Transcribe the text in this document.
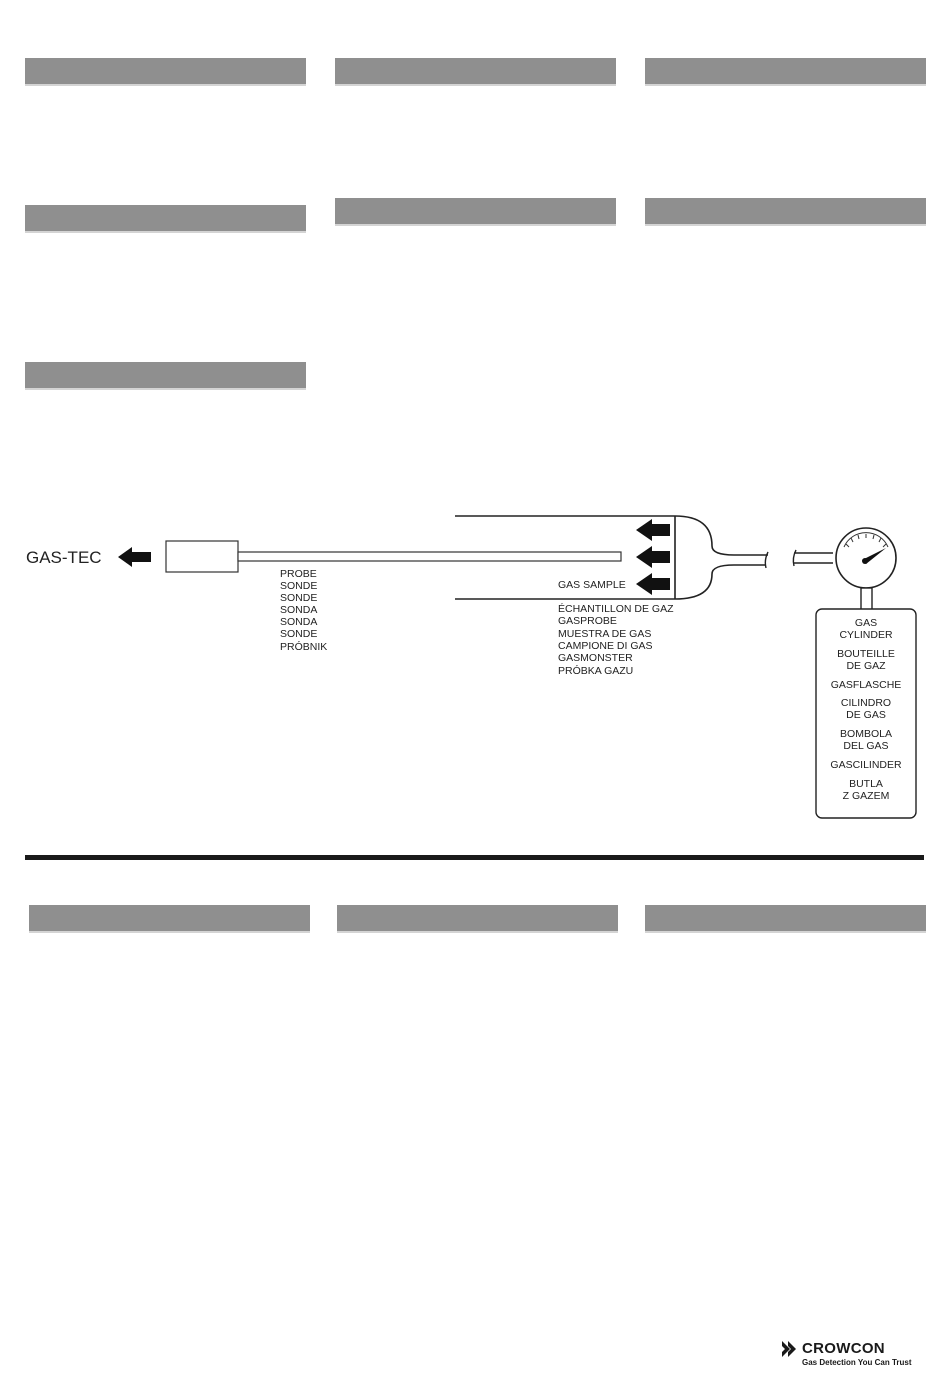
GAS-TEC
PROBE
SONDE
SONDE
SONDA
SONDA
SONDE
PRÓBNIK
GAS SAMPLE
ÉCHANTILLON DE GAZ
GASPROBE
MUESTRA DE GAS
CAMPIONE DI GAS
GASMONSTER
PRÓBKA GAZU
GAS
CYLINDER
BOUTEILLE
DE GAZ
GASFLASCHE
CILINDRO
DE GAS
BOMBOLA
DEL GAS
GASCILINDER
BUTLA
Z GAZEM
CROWCON
Gas Detection You Can Trust
